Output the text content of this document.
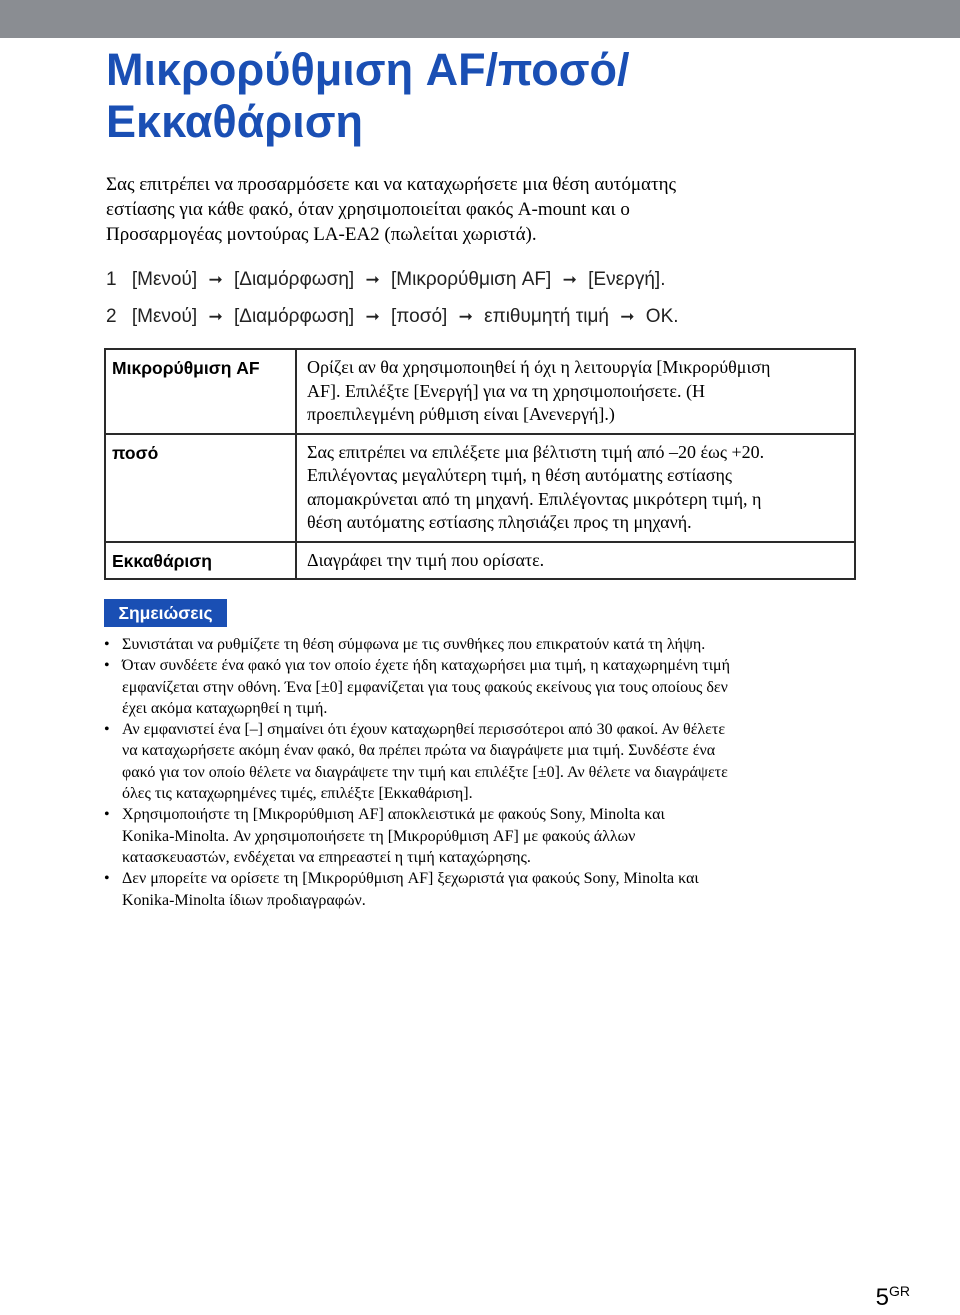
Μικρορύθμιση AF/ποσό/
Εκκαθάριση

Σας επιτρέπει να προσαρμόσετε και να καταχωρήσετε μια θέση αυτόματης
εστίασης για κάθε φακό, όταν χρησιμοποιείται φακός A-mount και ο
Προσαρμογέας μοντούρας LA-EA2 (πωλείται χωριστά).

1 [Μενού] ➞ [Διαμόρφωση] ➞ [Μικρορύθμιση AF] ➞ [Ενεργή].

2 [Μενού] ➞ [Διαμόρφωση] ➞ [ποσό] ➞ επιθυμητή τιμή ➞ OK.

Μικρορύθμιση AF	Ορίζει αν θα χρησιμοποιηθεί ή όχι η λειτουργία [Μικρορύθμιση
AF]. Επιλέξτε [Ενεργή] για να τη χρησιμοποιήσετε. (Η
προεπιλεγμένη ρύθμιση είναι [Ανενεργή].)

ποσό	Σας επιτρέπει να επιλέξετε μια βέλτιστη τιμή από –20 έως +20.
Επιλέγοντας μεγαλύτερη τιμή, η θέση αυτόματης εστίασης
απομακρύνεται από τη μηχανή. Επιλέγοντας μικρότερη τιμή, η
θέση αυτόματης εστίασης πλησιάζει προς τη μηχανή.

Εκκαθάριση	Διαγράφει την τιμή που ορίσατε.
Σημειώσεις
• Συνιστάται να ρυθμίζετε τη θέση σύμφωνα με τις συνθήκες που επικρατούν κατά τη λήψη.
• Όταν συνδέετε ένα φακό για τον οποίο έχετε ήδη καταχωρήσει μια τιμή, η καταχωρημένη τιμή
εμφανίζεται στην οθόνη. Ένα [±0] εμφανίζεται για τους φακούς εκείνους για τους οποίους δεν
έχει ακόμα καταχωρηθεί η τιμή.
• Αν εμφανιστεί ένα [–] σημαίνει ότι έχουν καταχωρηθεί περισσότεροι από 30 φακοί. Αν θέλετε
να καταχωρήσετε ακόμη έναν φακό, θα πρέπει πρώτα να διαγράψετε μια τιμή. Συνδέστε ένα
φακό για τον οποίο θέλετε να διαγράψετε την τιμή και επιλέξτε [±0]. Αν θέλετε να διαγράψετε
όλες τις καταχωρημένες τιμές, επιλέξτε [Εκκαθάριση].
• Χρησιμοποιήστε τη [Μικρορύθμιση AF] αποκλειστικά με φακούς Sony, Minolta και
Konika-Minolta. Αν χρησιμοποιήσετε τη [Μικρορύθμιση AF] με φακούς άλλων
κατασκευαστών, ενδέχεται να επηρεαστεί η τιμή καταχώρησης.
• Δεν μπορείτε να ορίσετε τη [Μικρορύθμιση AF] ξεχωριστά για φακούς Sony, Minolta και
Konika-Minolta ίδιων προδιαγραφών.
$5^{GR}$
